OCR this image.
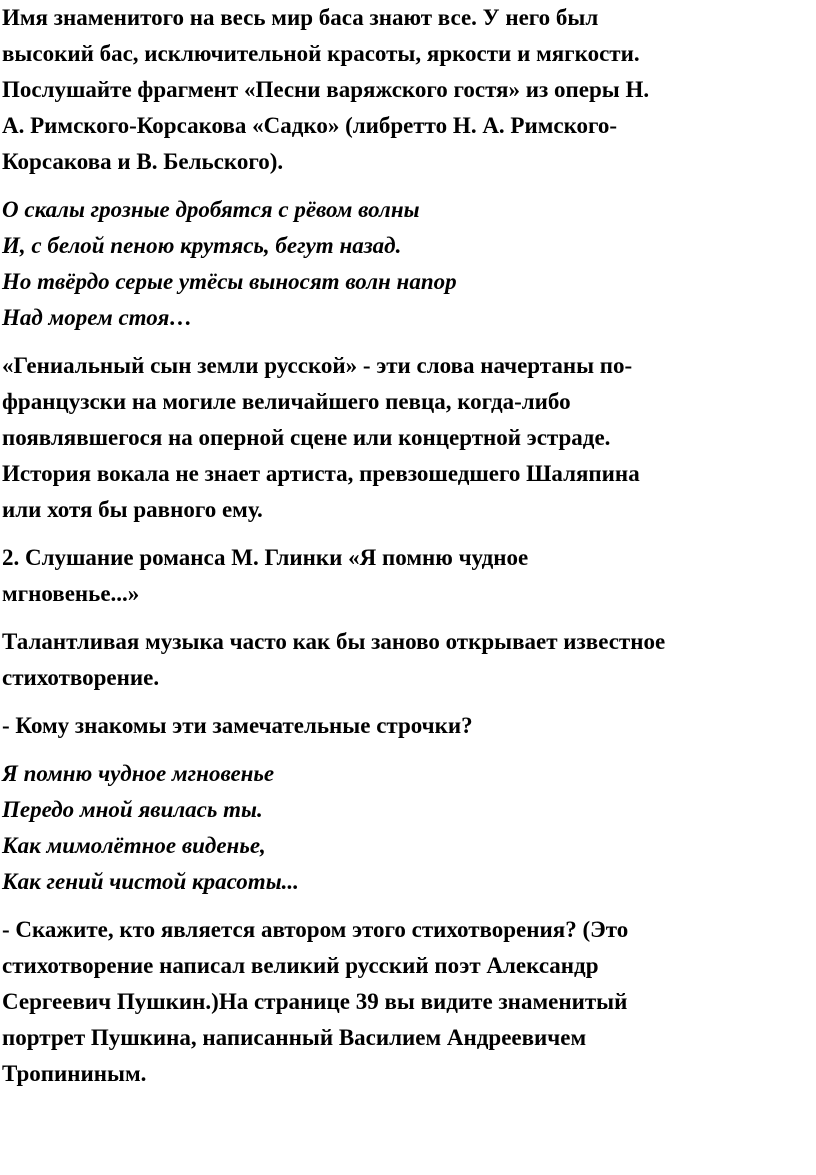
Имя знаменитого на весь мир баса знают все. У него был
высокий бас, исключительной красоты, яркости и мягкости.
Послушайте фрагмент «Песни варяжского гостя» из оперы Н.
А. Римского-Корсакова «Садко» (либретто Н. А. Римского-
Корсакова и В. Бельского).

О скалы грозные дробятся с рёвом волны
И, с белой пеною крутясь, бегут назад.
Но твёрдо серые утёсы выносят волн напор
Над морем стоя…

«Гениальный сын земли русской» - эти слова начертаны по-
французски на могиле величайшего певца, когда-либо
появлявшегося на оперной сцене или концертной эстраде.
История вокала не знает артиста, превзошедшего Шаляпина
или хотя бы равного ему.

2. Слушание романса М. Глинки «Я помню чудное
мгновенье...»

Талантливая музыка часто как бы заново открывает известное
стихотворение.

- Кому знакомы эти замечательные строчки?

Я помню чудное мгновенье
Передо мной явилась ты.
Как мимолётное виденье,
Как гений чистой красоты...

- Скажите, кто является автором этого стихотворения? (Это
стихотворение написал великий русский поэт Александр
Сергеевич Пушкин.)На странице 39 вы видите знаменитый
портрет Пушкина, написанный Василием Андреевичем
Тропининым.
